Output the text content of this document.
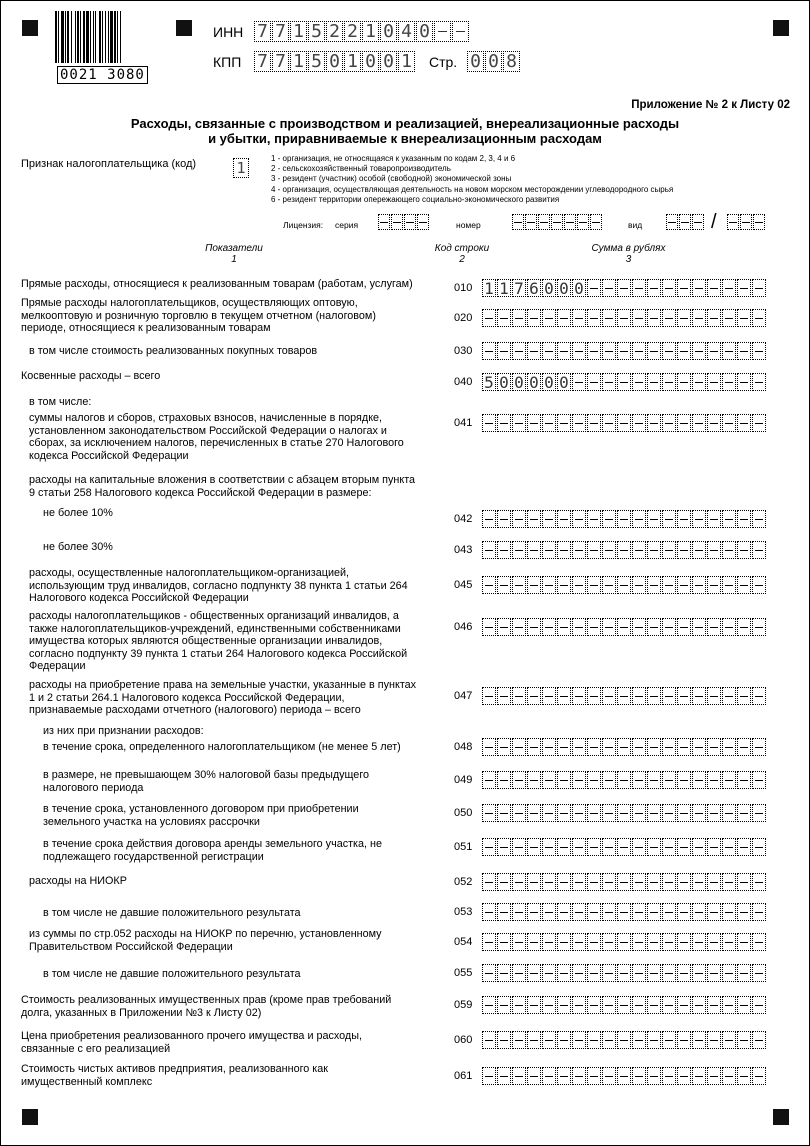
0021 3080
ИНН 7 7 1 5 2 2 1 0 4 0
КПП 7 7 1 5 0 1 0 0 1 Стр. 0 0 8
Приложение № 2 к Листу 02
Расходы, связанные с производством и реализацией, внереализационные расходы
и убытки, приравниваемые к внереализационным расходам
Признак налогоплательщика (код)	1
1 - организация, не относящаяся к указанным по кодам 2, 3, 4 и 6
2 - сельскохозяйственный товаропроизводитель
3 - резидент (участник) особой (свободной) экономической зоны
4 - организация, осуществляющая деятельность на новом морском месторождении углеводородного сырья
6 - резидент территории опережающего социально-экономического развития
Лицензия: серия	номер	вид	/
Показатели
1
Код строки
2
Сумма в рублях
3
Прямые расходы, относящиеся к реализованным товарам (работам, услугам)	010 1 1 7 6 0 0 0
Прямые расходы налогоплательщиков, осуществляющих оптовую,
мелкооптовую и розничную торговлю в текущем отчетном (налоговом)
периоде, относящиеся к реализованным товарам
020
в том числе стоимость реализованных покупных товаров	030
Косвенные расходы – всего	040 5 0 0 0 0 0
в том числе:
суммы налогов и сборов, страховых взносов, начисленные в порядке,
установленном законодательством Российской Федерации о налогах и
сборах, за исключением налогов, перечисленных в статье 270 Налогового
кодекса Российской Федерации
041
расходы на капитальные вложения в соответствии с абзацем вторым пункта
9 статьи 258 Налогового кодекса Российской Федерации в размере:
не более 10%	042
не более 30%	043
расходы, осуществленные налогоплательщиком-организацией,
использующим труд инвалидов, согласно подпункту 38 пункта 1 статьи 264
Налогового кодекса Российской Федерации
045
расходы налогоплательщиков - общественных организаций инвалидов, а
также налогоплательщиков-учреждений, единственными собственниками
имущества которых являются общественные организации инвалидов,
согласно подпункту 39 пункта 1 статьи 264 Налогового кодекса Российской
Федерации
046
расходы на приобретение права на земельные участки, указанные в пунктах
1 и 2 статьи 264.1 Налогового кодекса Российской Федерации,
признаваемые расходами отчетного (налогового) периода – всего
047
из них при признании расходов:
в течение срока, определенного налогоплательщиком (не менее 5 лет)	048
в размере, не превышающем 30% налоговой базы предыдущего
налогового периода
049
в течение срока, установленного договором при приобретении
земельного участка на условиях рассрочки
050
в течение срока действия договора аренды земельного участка, не
подлежащего государственной регистрации
051
расходы на НИОКР	052
в том числе не давшие положительного результата	053
из суммы по стр.052 расходы на НИОКР по перечню, установленному
Правительством Российской Федерации	054
в том числе не давшие положительного результата	055
Стоимость реализованных имущественных прав (кроме прав требований
долга, указанных в Приложении №3 к Листу 02)
059
Цена приобретения реализованного прочего имущества и расходы,
связанные с его реализацией
060
Стоимость чистых активов предприятия, реализованного как
имущественный комплекс	061
